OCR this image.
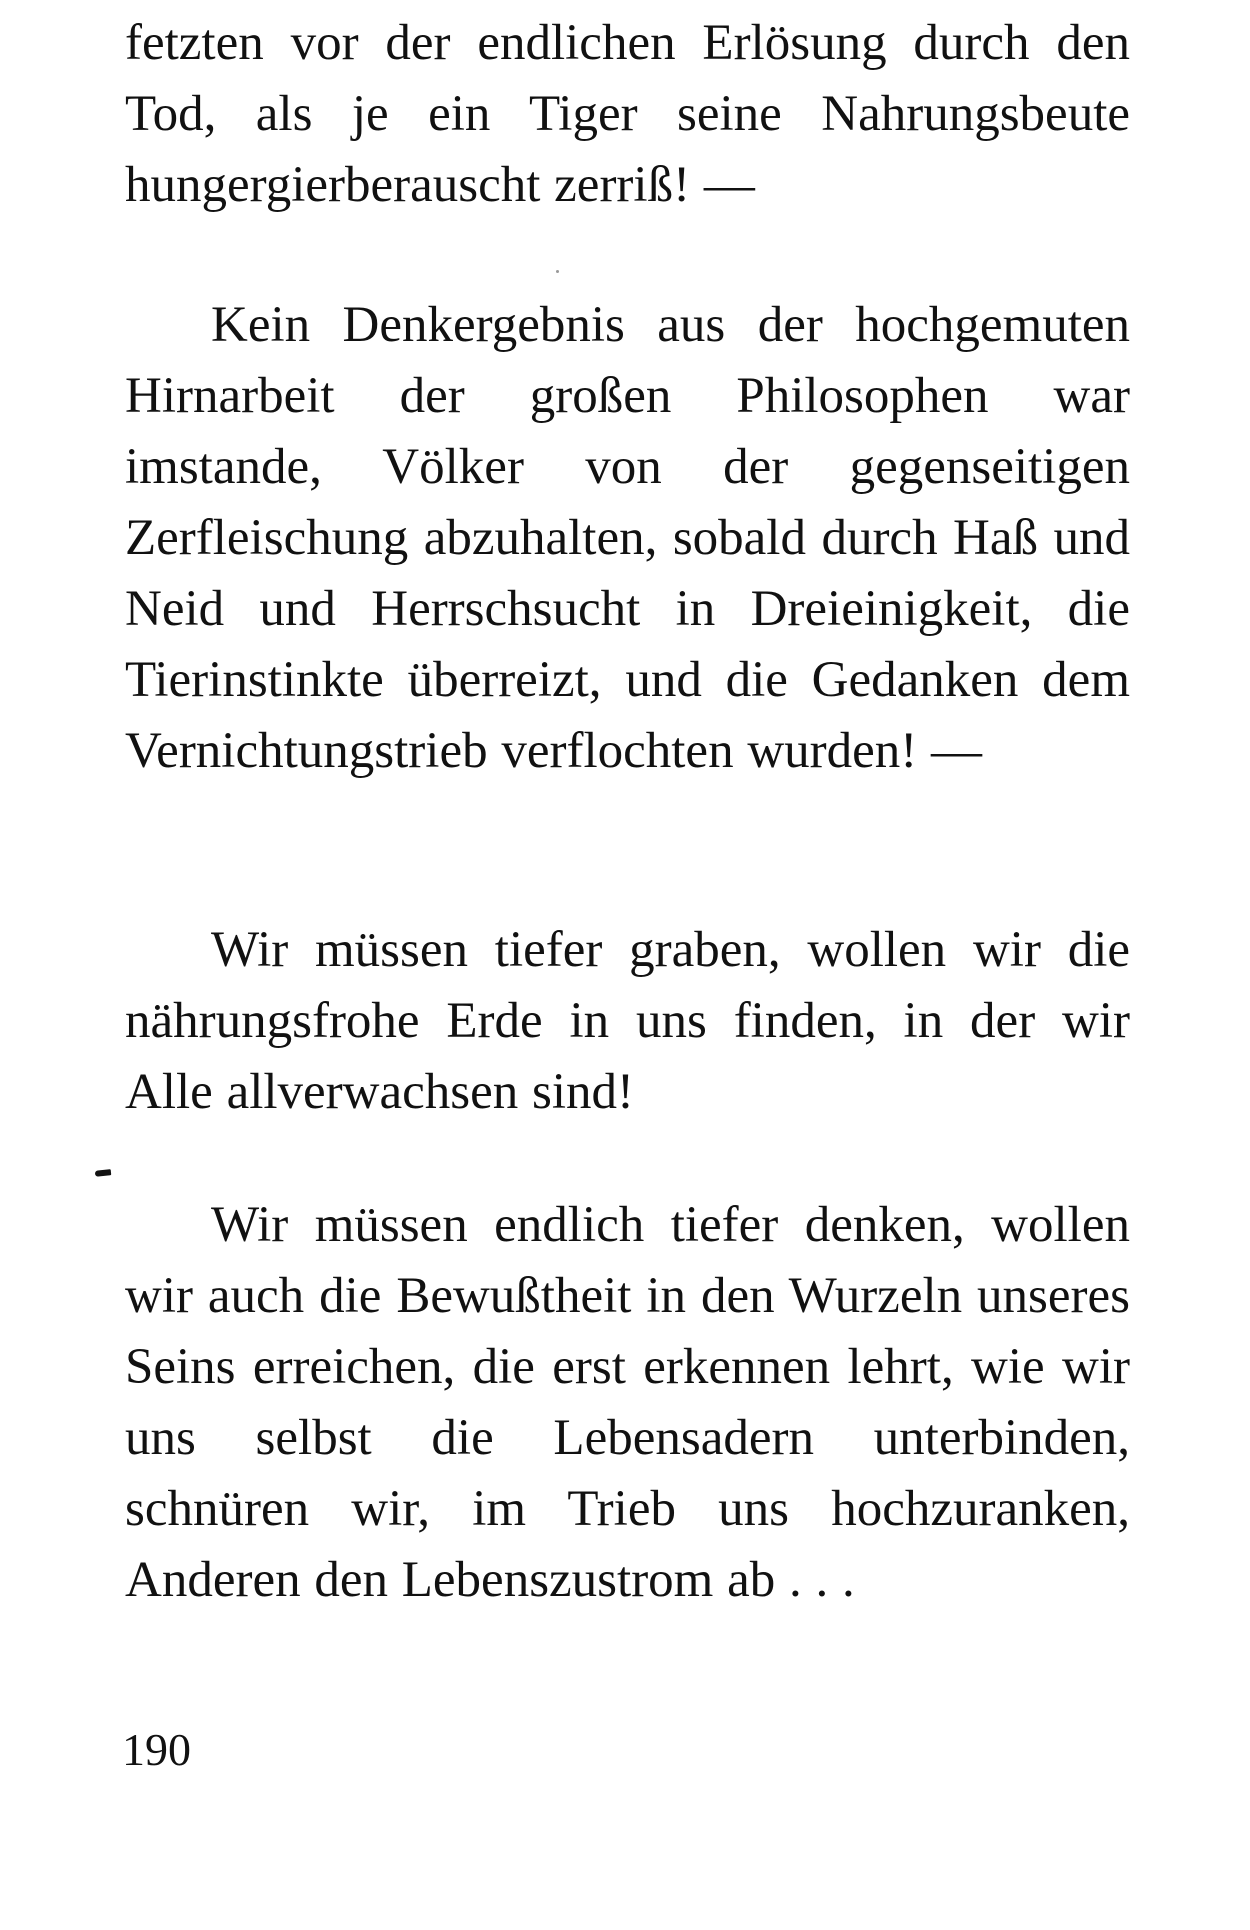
fetzten vor der endlichen Erlösung durch den Tod, als je ein Tiger seine Nahrungsbeute hungergierberauscht zerriß! —

Kein Denkergebnis aus der hochgemuten Hirnarbeit der großen Philosophen war imstande, Völker von der gegenseitigen Zerfleischung abzuhalten, sobald durch Haß und Neid und Herrschsucht in Dreieinigkeit, die Tierinstinkte überreizt, und die Gedanken dem Vernichtungstrieb verflochten wurden! —

Wir müssen tiefer graben, wollen wir die nährungsfrohe Erde in uns finden, in der wir Alle allverwachsen sind!

Wir müssen endlich tiefer denken, wollen wir auch die Bewußtheit in den Wurzeln unseres Seins erreichen, die erst erkennen lehrt, wie wir uns selbst die Lebensadern unterbinden, schnüren wir, im Trieb uns hochzuranken, Anderen den Lebenszustrom ab . . .

190
